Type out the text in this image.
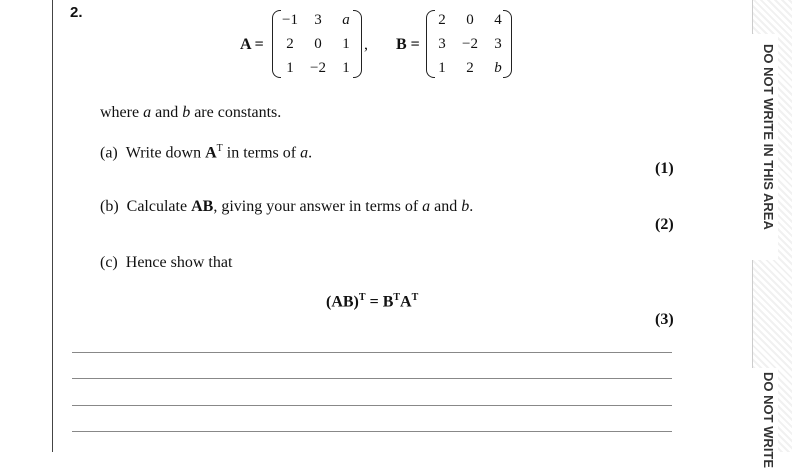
2.
A =
−1	3	a
2	0	1
1	−2	1
, B =
2	0	4
3	−2	3
1	2	b
where a and b are constants.
(a) Write down $A^T$ in terms of a.
(1)
(b) Calculate AB, giving your answer in terms of a and b.
(2)
(c) Hence show that
$(AB)^T = B^TA^T$
(3)
DO NOT WRITE IN THIS AREA
DO NOT WRITE
